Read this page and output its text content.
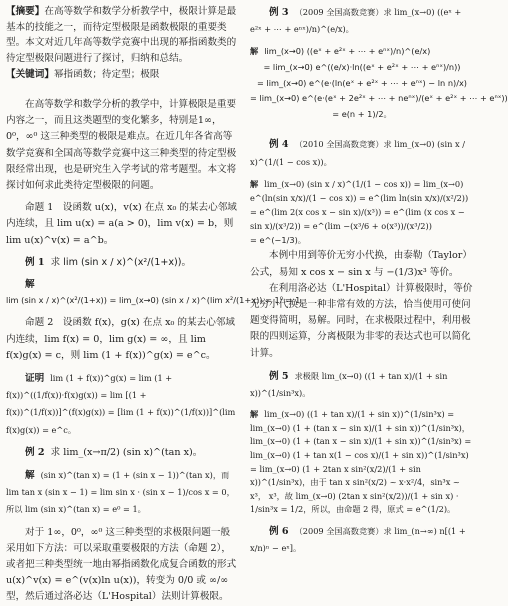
【摘要】在高等数学和数学分析教学中，极限计算是最基本的技能之一，而待定型极限是函数极限的重要类型。本文对近几年高等数学竞赛中出现的幂指函数类的待定型极限问题进行了探讨，归纳和总结。

【关键词】幂指函数；待定型；极限

在高等数学和数学分析的教学中，计算极限是重要内容之一，而且这类题型的变化繁多，特别是1∞，0⁰，∞⁰ 这三种类型的极限是难点。在近几年各省高等数学竞赛和全国高等数学竞赛中这三种类型的待定型极限经常出现，也是研究生入学考试的常考题型。本文将探讨如何求此类待定型极限的问题。

命题 1　设函数 u(x)，v(x) 在点 x₀ 的某去心邻域内连续，且 lim u(x) = a(a > 0)，lim v(x) = b，则 lim u(x)^v(x) = a^b。

例 1 求 lim (sin x / x)^(x²/(1+x))。

解lim (sin x / x)^(x²/(1+x)) = lim_(x→0) (sin x / x)^(lim x²/(1+x)) = 1⁰ = 1。

命题 2　设函数 f(x)，g(x) 在点 x₀ 的某去心邻域内连续，lim f(x) = 0，lim g(x) = ∞，且 lim f(x)g(x) = c，则 lim (1 + f(x))^g(x) = e^c。

证明 lim (1 + f(x))^g(x) = lim (1 + f(x))^((1/f(x))·f(x)g(x)) = lim [(1 + f(x))^(1/f(x))]^(f(x)g(x)) = [lim (1 + f(x))^(1/f(x))]^(lim f(x)g(x)) = e^c。

例 2 求 lim_(x→π/2) (sin x)^(tan x)。

解 (sin x)^(tan x) = (1 + (sin x − 1))^(tan x)，而 lim tan x (sin x − 1) = lim sin x · (sin x − 1)/cos x = 0，所以 lim (sin x)^(tan x) = e⁰ = 1。

对于 1∞，0⁰，∞⁰ 这三种类型的求极限问题一般采用如下方法：可以采取重要极限的方法（命题 2），或者把三种类型统一地由幂指函数化成复合函数的形式 u(x)^v(x) = e^(v(x)ln u(x))，转变为 0/0 或 ∞/∞ 型，然后通过洛必达（L'Hospital）法则计算极限。

例 3 （2009 全国高数竞赛）求 lim_(x→0) ((eˣ + e²ˣ + ⋯ + eⁿˣ)/n)^(e/x)。

解 lim_(x→0) ((eˣ + e²ˣ + ⋯ + eⁿˣ)/n)^(e/x)
= lim_(x→0) e^((e/x)·ln((eˣ + e²ˣ + ⋯ + eⁿˣ)/n))
= lim_(x→0) e^(e·(ln(eˣ + e²ˣ + ⋯ + eⁿˣ) − ln n)/x)
= lim_(x→0) e^(e·(eˣ + 2e²ˣ + ⋯ + neⁿˣ)/(eˣ + e²ˣ + ⋯ + eⁿˣ))
= e(n + 1)/2。

例 4 （2010 全国高数竞赛）求 lim_(x→0) (sin x / x)^(1/(1 − cos x))。

解 lim_(x→0) (sin x / x)^(1/(1 − cos x)) = lim_(x→0) e^(ln(sin x/x)/(1 − cos x)) = e^(lim ln(sin x/x)/(x²/2))
= e^(lim 2(x cos x − sin x)/(x³)) = e^(lim (x cos x − sin x)/(x³/2)) = e^(lim −(x³/6 + o(x³))/(x³/2))
= e^(−1/3)。

本例中用到等价无穷小代换，由泰勒（Taylor）公式，易知 x cos x − sin x 与 −(1/3)x³ 等价。

在利用洛必达（L'Hospital）计算极限时，等价无穷小代换是一种非常有效的方法，恰当使用可使问题变得简明，易解。同时，在求极限过程中，利用极限的四则运算，分离极限为非零的表达式也可以简化计算。

例 5 求极限 lim_(x→0) ((1 + tan x)/(1 + sin x))^(1/sin³x)。

解 lim_(x→0) ((1 + tan x)/(1 + sin x))^(1/sin³x) = lim_(x→0) (1 + (tan x − sin x)/(1 + sin x))^(1/sin³x)， lim_(x→0) (1 + (tan x − sin x)/(1 + sin x))^(1/sin³x) = lim_(x→0) (1 + tan x(1 − cos x)/(1 + sin x))^(1/sin³x) = lim_(x→0) (1 + 2tan x sin²(x/2)/(1 + sin x))^(1/sin³x)，由于 tan x sin²(x/2) ~ x·x²/4，sin³x ~ x³， x³，故 lim_(x→0) (2tan x sin²(x/2))/(1 + sin x) · 1/sin³x = 1/2，所以，由命题 2 得，原式 = e^(1/2)。

例 6 （2009 全国高数竞赛）求 lim_(n→∞) n[(1 + x/n)ⁿ − eˣ]。
